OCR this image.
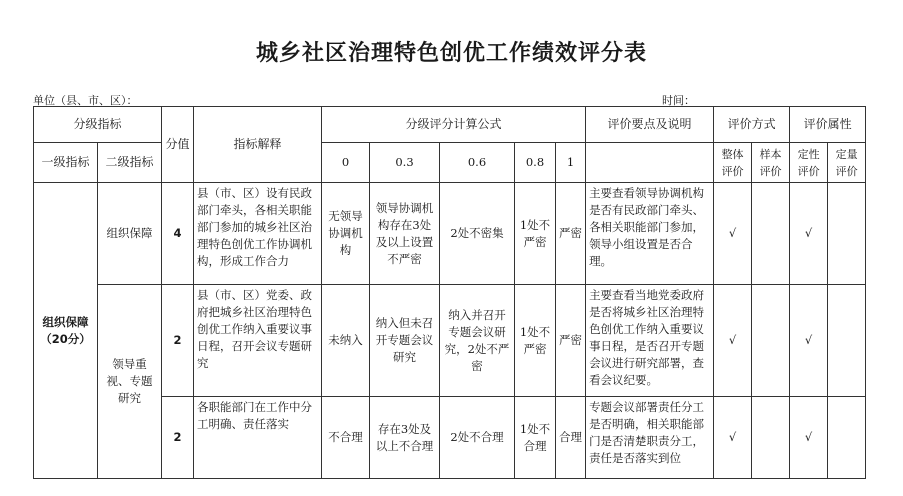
城乡社区治理特色创优工作绩效评分表
单位（县、市、区）：	时间：
分级指标		分值	指标解释	分级评分计算公式					评价要点及说明	评价方式		评价属性	
一级指标	二级指标			0	0.3	0.6	0.8	1		整体评价	样本评价	定性评价	定量评价
组织保障（20分）	组织保障	4	县（市、区）设有民政部门牵头，各相关职能部门参加的城乡社区治理特色创优工作协调机构，形成工作合力	无领导协调机构	领导协调机构存在3处及以上设置不严密	2处不密集	1处不严密	严密	主要查看领导协调机构是否有民政部门牵头、各相关职能部门参加，领导小组设置是否合理。	√		√	
	领导重视、专题研究	2	县（市、区）党委、政府把城乡社区治理特色创优工作纳入重要议事日程，召开会议专题研究	未纳入	纳入但未召开专题会议研究	纳入并召开专题会议研究，2处不严密	1处不严密	严密	主要查看当地党委政府是否将城乡社区治理特色创优工作纳入重要议事日程，是否召开专题会议进行研究部署，查看会议纪要。	√		√	
		2	各职能部门在工作中分工明确、责任落实	不合理	存在3处及以上不合理	2处不合理	1处不合理	合理	专题会议部署责任分工是否明确，相关职能部门是否清楚职责分工，责任是否落实到位	√		√	
